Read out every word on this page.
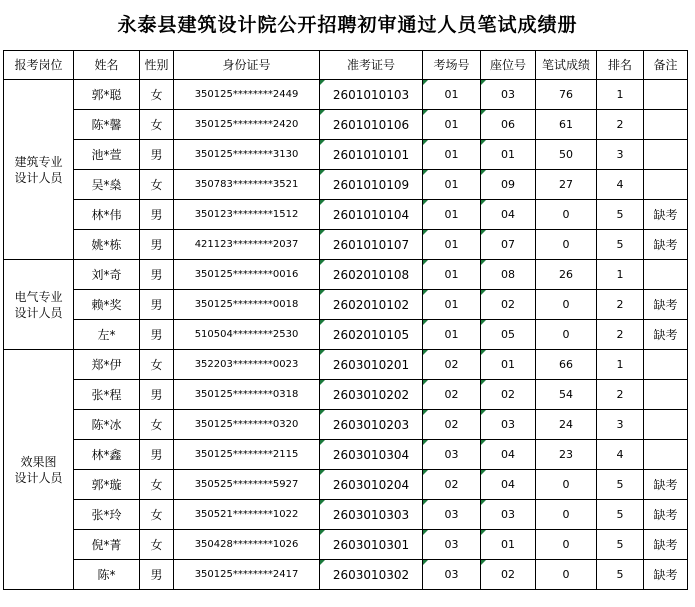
永泰县建筑设计院公开招聘初审通过人员笔试成绩册
报考岗位	姓名	性别	身份证号	准考证号	考场号	座位号	笔试成绩	排名	备注
建筑专业
设计人员	郭*聪	女	350125********2449	2601010103	01	03	76	1	
	陈*馨	女	350125********2420	2601010106	01	06	61	2	
	池*萱	男	350125********3130	2601010101	01	01	50	3	
	吴*燊	女	350783********3521	2601010109	01	09	27	4	
	林*伟	男	350123********1512	2601010104	01	04	0	5	缺考
	姚*栋	男	421123********2037	2601010107	01	07	0	5	缺考
电气专业
设计人员	刘*奇	男	350125********0016	2602010108	01	08	26	1	
	赖*奖	男	350125********0018	2602010102	01	02	0	2	缺考
	左*	男	510504********2530	2602010105	01	05	0	2	缺考
效果图
设计人员	郑*伊	女	352203********0023	2603010201	02	01	66	1	
	张*程	男	350125********0318	2603010202	02	02	54	2	
	陈*冰	女	350125********0320	2603010203	02	03	24	3	
	林*鑫	男	350125********2115	2603010304	03	04	23	4	
	郭*璇	女	350525********5927	2603010204	02	04	0	5	缺考
	张*玲	女	350521********1022	2603010303	03	03	0	5	缺考
	倪*菁	女	350428********1026	2603010301	03	01	0	5	缺考
	陈*	男	350125********2417	2603010302	03	02	0	5	缺考
